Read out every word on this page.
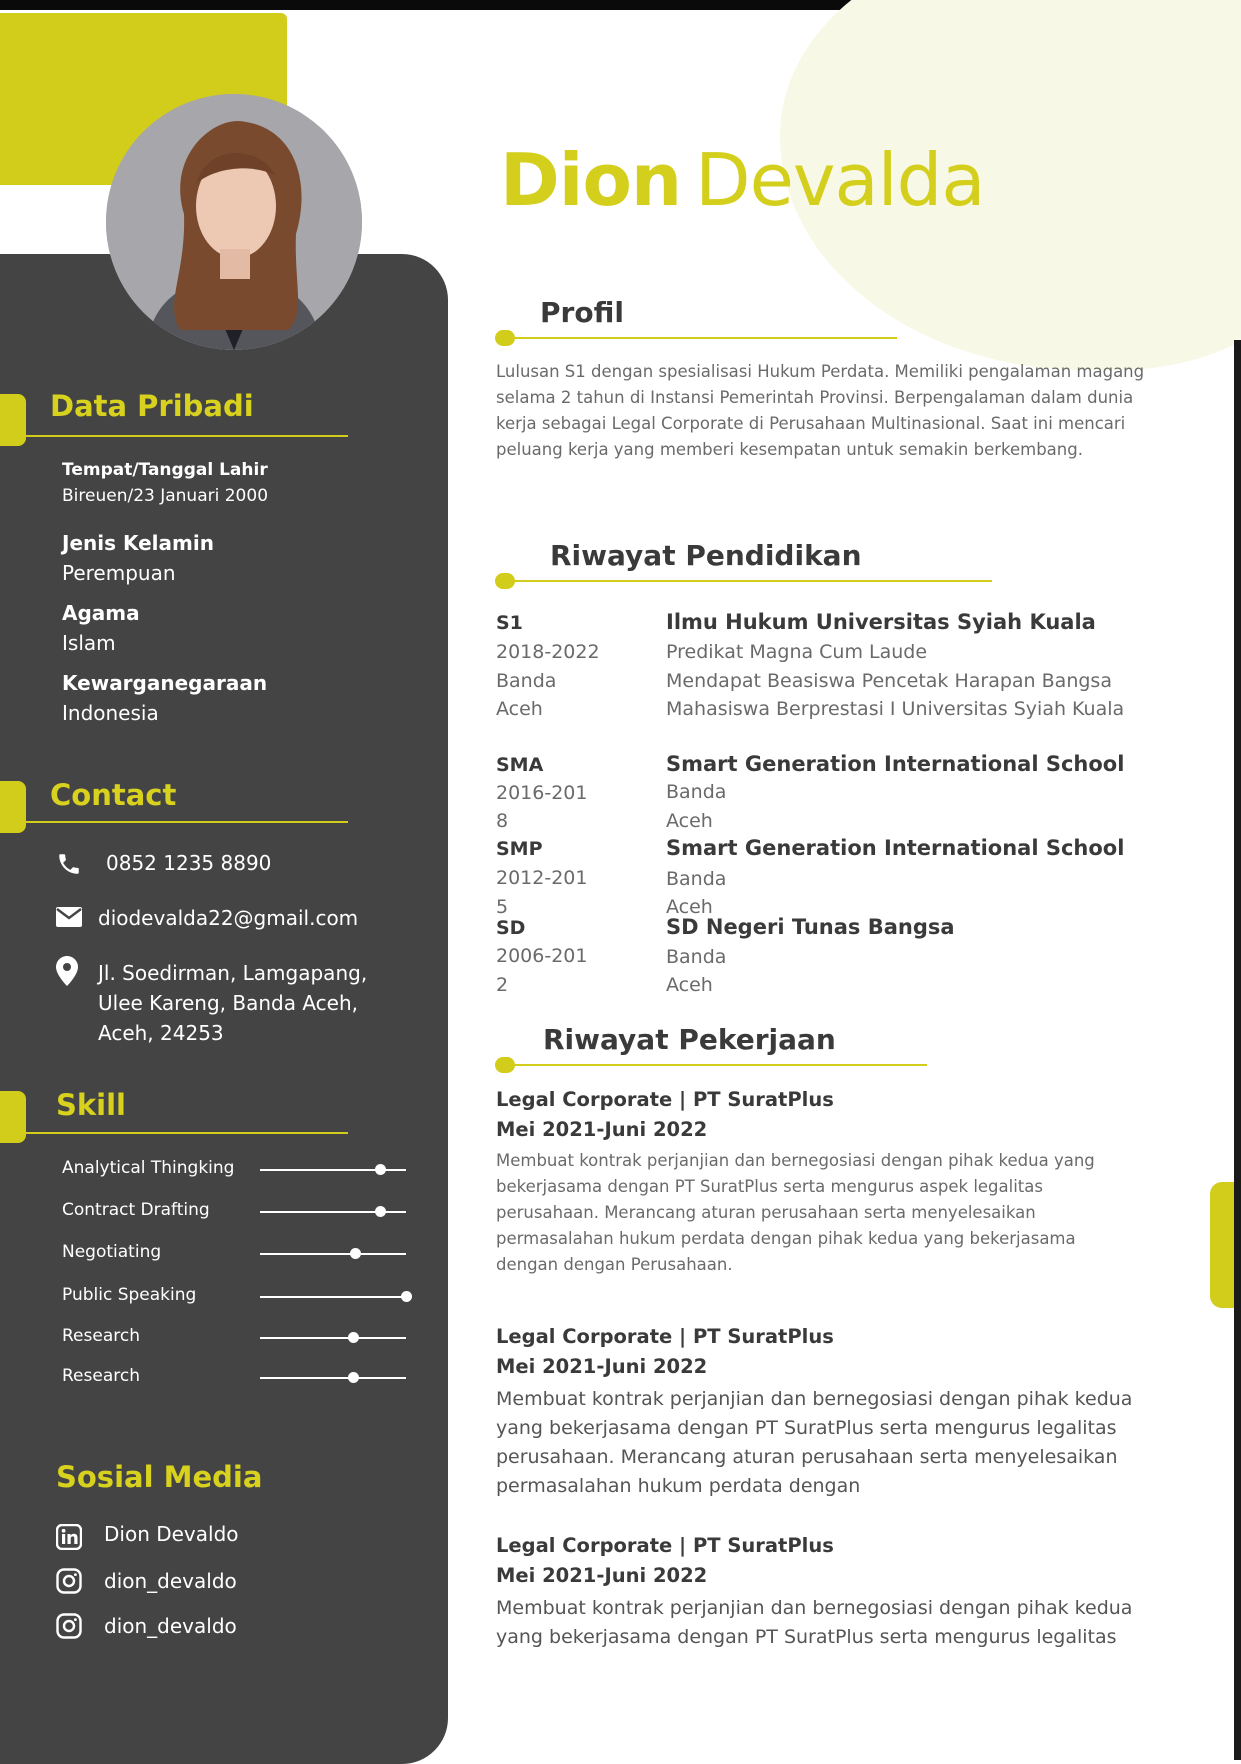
Dion Devalda
Data Pribadi
Tempat/Tanggal Lahir
Bireuen/23 Januari 2000
Jenis Kelamin
Perempuan
Agama
Islam
Kewarganegaraan
Indonesia
Contact
0852 1235 8890
diodevalda22@gmail.com
Jl. Soedirman, Lamgapang,
Ulee Kareng, Banda Aceh,
Aceh, 24253
Skill
Analytical Thingking
Contract Drafting
Negotiating
Public Speaking
Research
Research
Sosial Media
Dion Devaldo
dion_devaldo
dion_devaldo
Profil
Lulusan S1 dengan spesialisasi Hukum Perdata. Memiliki pengalaman magang
selama 2 tahun di Instansi Pemerintah Provinsi. Berpengalaman dalam dunia
kerja sebagai Legal Corporate di Perusahaan Multinasional. Saat ini mencari
peluang kerja yang memberi kesempatan untuk semakin berkembang.
Riwayat Pendidikan
S1
2018-2022
Banda
Aceh
Ilmu Hukum Universitas Syiah Kuala
Predikat Magna Cum Laude
Mendapat Beasiswa Pencetak Harapan Bangsa
Mahasiswa Berprestasi I Universitas Syiah Kuala
SMA
2016-201
8
Smart Generation International School
Banda
Aceh
SMP
2012-201
5
Smart Generation International School
Banda
Aceh
SD
2006-201
2
SD Negeri Tunas Bangsa
Banda
Aceh
Riwayat Pekerjaan
Legal Corporate | PT SuratPlus
Mei 2021-Juni 2022
Membuat kontrak perjanjian dan bernegosiasi dengan pihak kedua yang
bekerjasama dengan PT SuratPlus serta mengurus aspek legalitas
perusahaan. Merancang aturan perusahaan serta menyelesaikan
permasalahan hukum perdata dengan pihak kedua yang bekerjasama
dengan dengan Perusahaan.
Legal Corporate | PT SuratPlus
Mei 2021-Juni 2022
Membuat kontrak perjanjian dan bernegosiasi dengan pihak kedua
yang bekerjasama dengan PT SuratPlus serta mengurus legalitas
perusahaan. Merancang aturan perusahaan serta menyelesaikan
permasalahan hukum perdata dengan
Legal Corporate | PT SuratPlus
Mei 2021-Juni 2022
Membuat kontrak perjanjian dan bernegosiasi dengan pihak kedua
yang bekerjasama dengan PT SuratPlus serta mengurus legalitas
